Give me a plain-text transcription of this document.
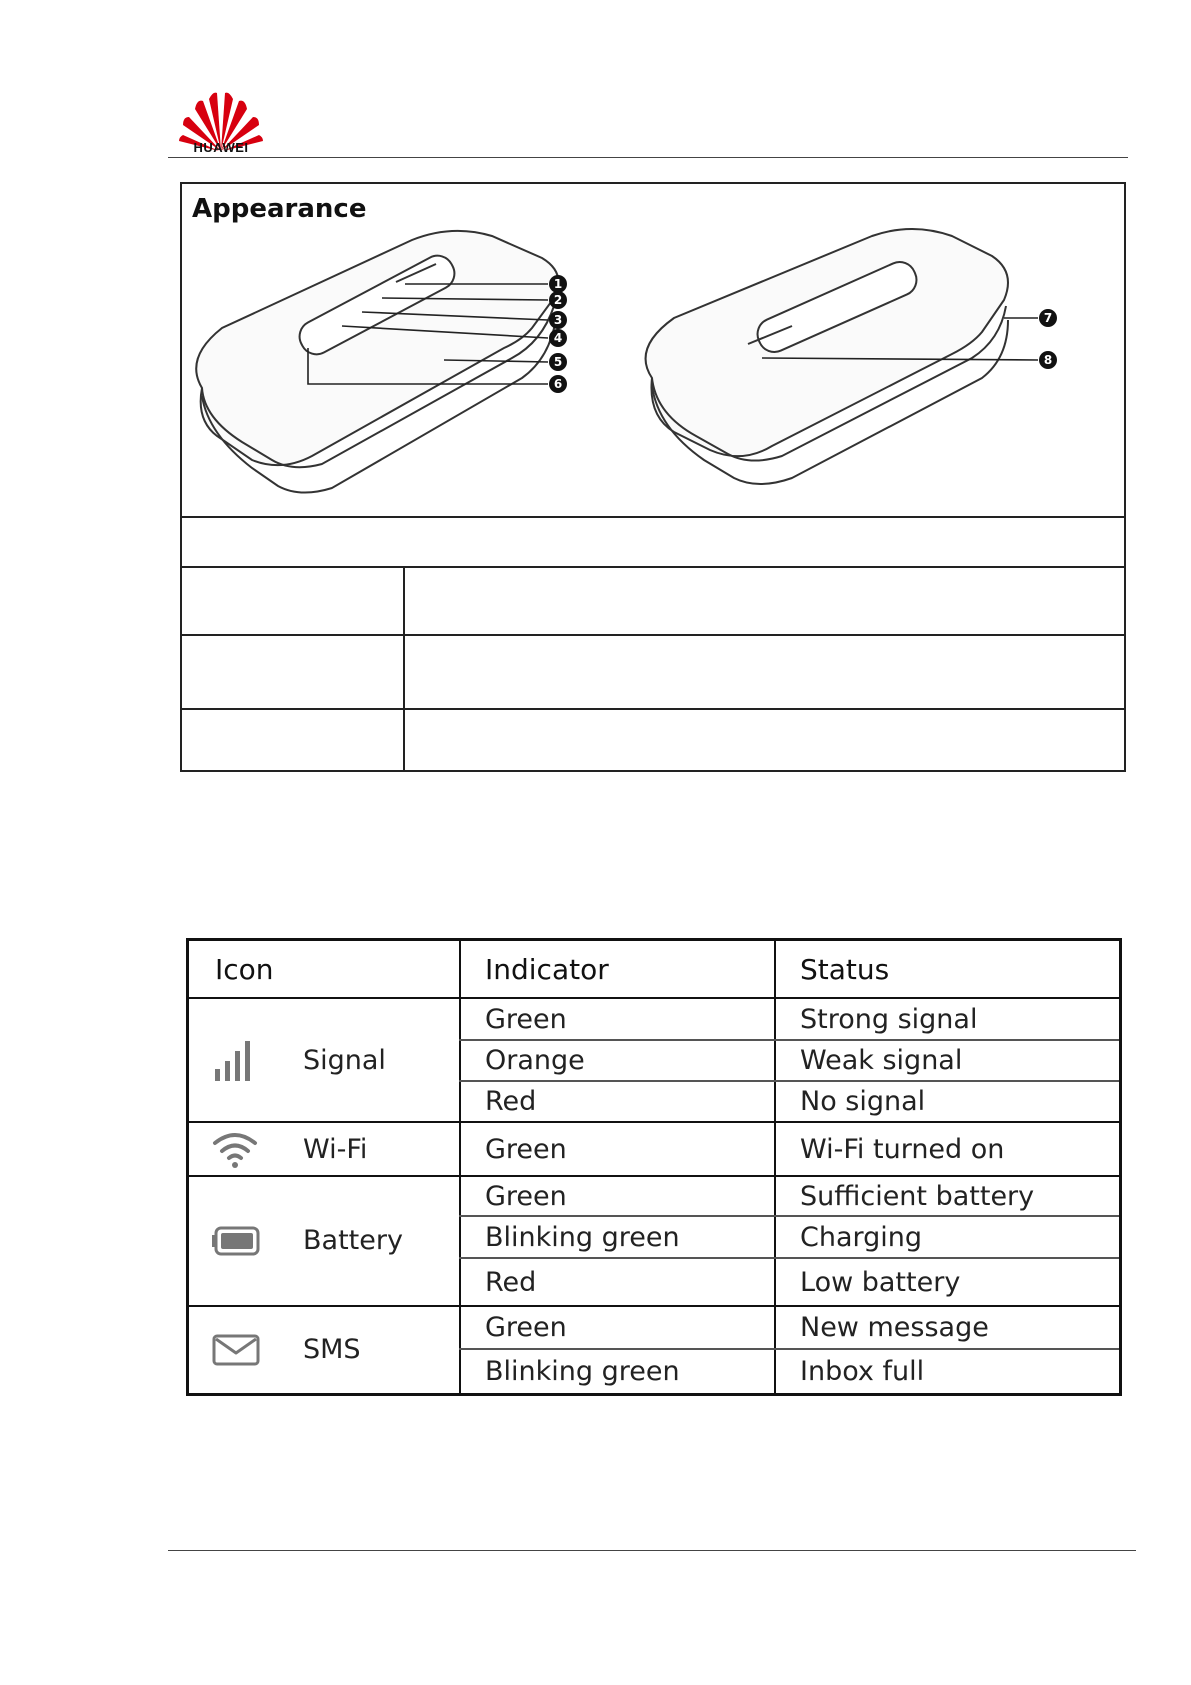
HUAWEI
Appearance
1
2
3
4
5
6
7
8
Icon	Indicator	Status
Signal
Green	Strong signal
Orange	Weak signal
Red	No signal
Wi-Fi	Green	Wi-Fi turned on
Battery
Green	Sufficient battery
Blinking green	Charging
Red	Low battery
SMS
Green	New message
Blinking green	Inbox full
